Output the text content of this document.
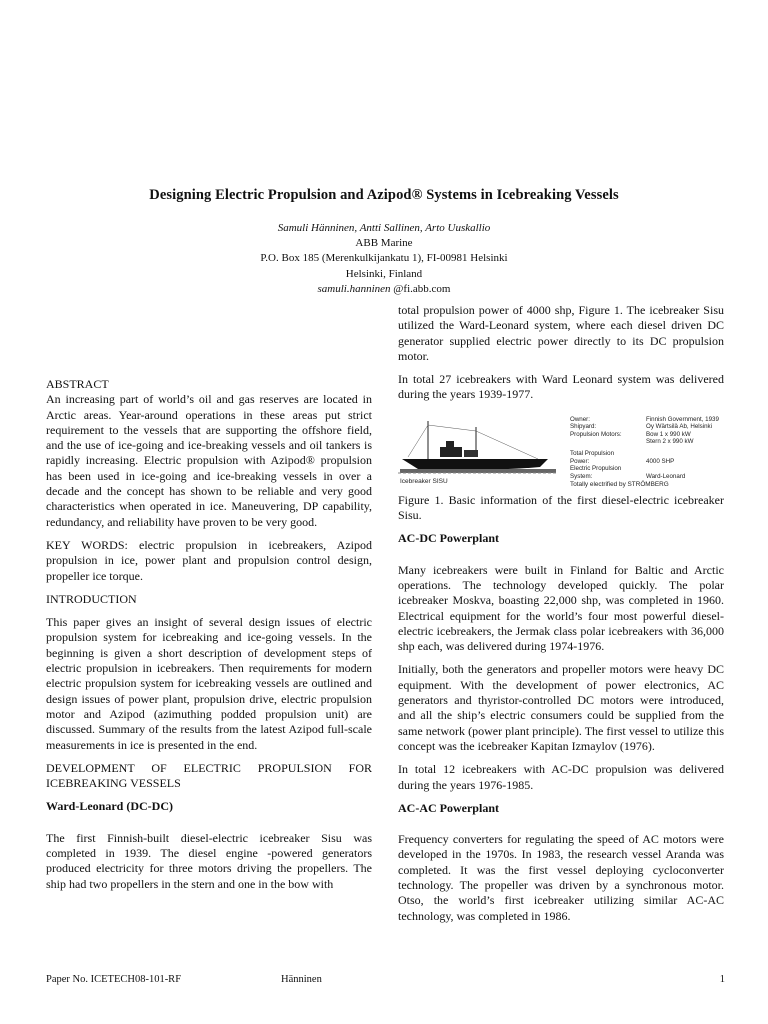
Designing Electric Propulsion and Azipod® Systems in Icebreaking Vessels
Samuli Hänninen, Antti Sallinen, Arto Uuskallio
ABB Marine
P.O. Box 185 (Merenkulkijankatu 1), FI-00981 Helsinki
Helsinki, Finland
samuli.hanninen @fi.abb.com
ABSTRACT

An increasing part of world’s oil and gas reserves are located in Arctic areas. Year-around operations in these areas put strict requirement to the vessels that are supporting the offshore field, and the use of ice-going and ice-breaking vessels and oil tankers is rapidly increasing. Electric propulsion with Azipod® propulsion has been used in ice-going and ice-breaking vessels in over a decade and the concept has shown to be reliable and very good characteristics when operated in ice. Maneuvering, DP capability, redundancy, and reliability have proven to be very good.

KEY WORDS: electric propulsion in icebreakers, Azipod propulsion in ice, power plant and propulsion control design, propeller ice torque.

INTRODUCTION

This paper gives an insight of several design issues of electric propulsion system for icebreaking and ice-going vessels. In the beginning is given a short description of development steps of electric propulsion in icebreakers. Then requirements for modern electric propulsion system for icebreaking vessels are outlined and design issues of power plant, propulsion drive, electric propulsion motor and Azipod (azimuthing podded propulsion unit) are discussed. Summary of the results from the latest Azipod full-scale measurements in ice is presented in the end.

DEVELOPMENT OF ELECTRIC PROPULSION FOR ICEBREAKING VESSELS
Ward-Leonard (DC-DC)

The first Finnish-built diesel-electric icebreaker Sisu was completed in 1939. The diesel engine -powered generators produced electricity for three motors driving the propellers. The ship had two propellers in the stern and one in the bow with

total propulsion power of 4000 shp, Figure 1. The icebreaker Sisu utilized the Ward-Leonard system, where each diesel driven DC generator supplied electric power directly to its DC propulsion motor.

In total 27 icebreakers with Ward Leonard system was delivered during the years 1939-1977.

Icebreaker SISU
Owner:	Finnish Government, 1939
Shipyard:	Oy Wärtsilä Ab, Helsinki
Propulsion Motors:	Bow 1 x 990 kW
Stern 2 x 990 kW
Total Propulsion
Power:	4000 SHP
Electric Propulsion
System:	Ward-Leonard
Totally electrified by STRÖMBERG

Figure 1. Basic information of the first diesel-electric icebreaker Sisu.

AC-DC Powerplant

Many icebreakers were built in Finland for Baltic and Arctic operations. The technology developed quickly. The polar icebreaker Moskva, boasting 22,000 shp, was completed in 1960. Electrical equipment for the world’s four most powerful diesel-electric icebreakers, the Jermak class polar icebreakers with 36,000 shp each, was delivered during 1974-1976.

Initially, both the generators and propeller motors were heavy DC equipment. With the development of power electronics, AC generators and thyristor-controlled DC motors were introduced, and all the ship’s electric consumers could be supplied from the same network (power plant principle). The first vessel to utilize this concept was the icebreaker Kapitan Izmaylov (1976).

In total 12 icebreakers with AC-DC propulsion was delivered during the years 1976-1985.

AC-AC Powerplant

Frequency converters for regulating the speed of AC motors were developed in the 1970s. In 1983, the research vessel Aranda was completed. It was the first vessel deploying cycloconverter technology. The propeller was driven by a synchronous motor. Otso, the world’s first icebreaker utilizing similar AC-AC technology, was completed in 1986.

Paper No. ICETECH08-101-RF	Hänninen	1
